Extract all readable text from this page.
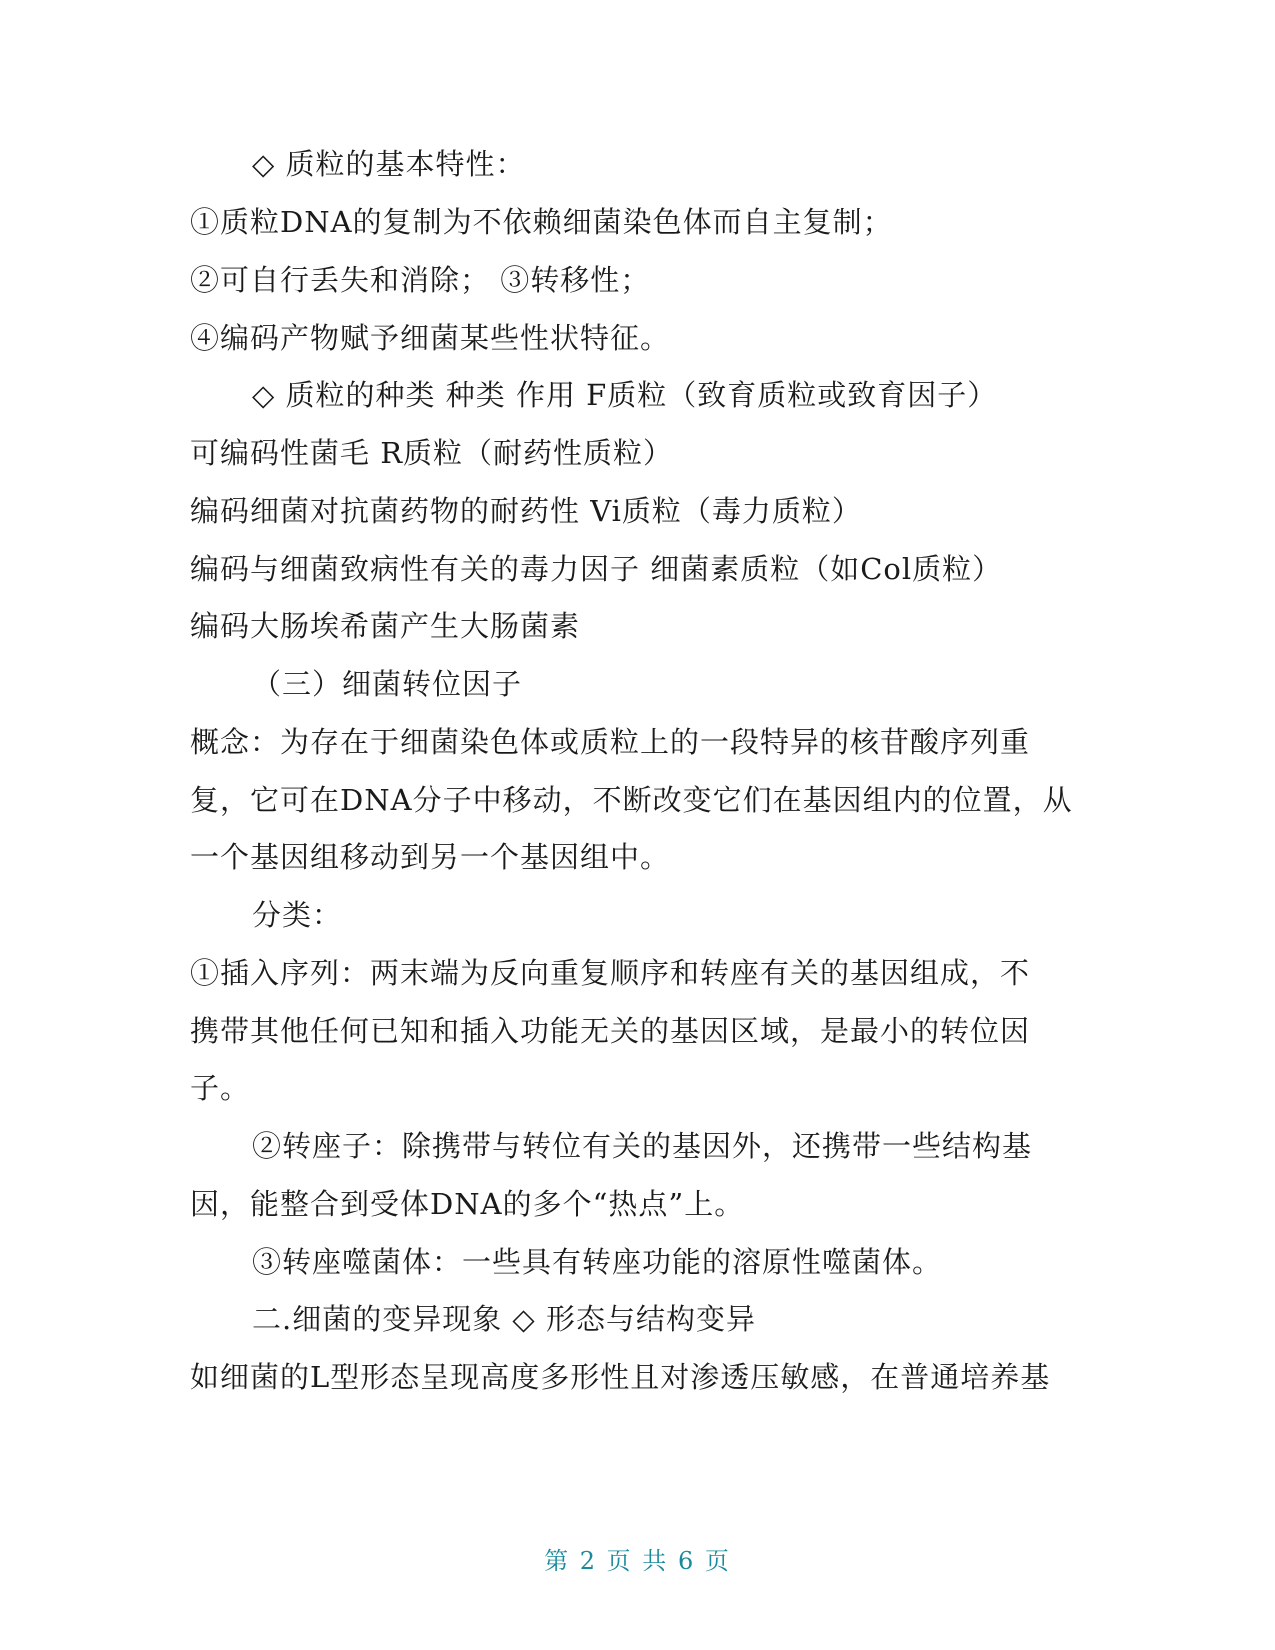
◇ 质粒的基本特性：
①质粒DNA的复制为不依赖细菌染色体而自主复制；
②可自行丢失和消除； ③转移性；
④编码产物赋予细菌某些性状特征。
◇ 质粒的种类 种类 作用 F质粒（致育质粒或致育因子）
可编码性菌毛 R质粒（耐药性质粒）
编码细菌对抗菌药物的耐药性 Vi质粒（毒力质粒）
编码与细菌致病性有关的毒力因子 细菌素质粒（如Col质粒）
编码大肠埃希菌产生大肠菌素
（三）细菌转位因子
概念：为存在于细菌染色体或质粒上的一段特异的核苷酸序列重
复，它可在DNA分子中移动，不断改变它们在基因组内的位置，从
一个基因组移动到另一个基因组中。
分类：
①插入序列：两末端为反向重复顺序和转座有关的基因组成，不
携带其他任何已知和插入功能无关的基因区域，是最小的转位因
子。
②转座子：除携带与转位有关的基因外，还携带一些结构基
因，能整合到受体DNA的多个“热点”上。
③转座噬菌体：一些具有转座功能的溶原性噬菌体。
二.细菌的变异现象 ◇ 形态与结构变异
如细菌的L型形态呈现高度多形性且对渗透压敏感，在普通培养基
第 2 页 共 6 页
